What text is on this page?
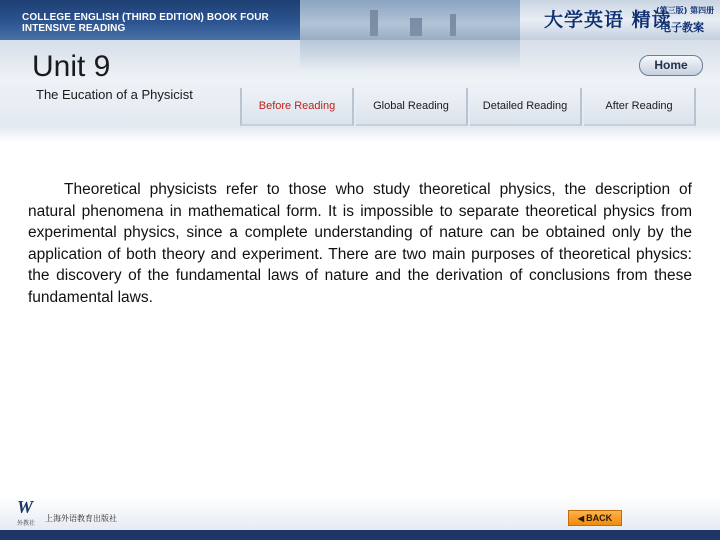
COLLEGE ENGLISH (THIRD EDITION) BOOK FOUR
INTENSIVE READING	大学英语 精读
(第三版) 第四册
电子教案
Unit 9
The Eucation of a Physicist
Home
Before Reading	Global Reading	Detailed Reading	After Reading
Theoretical physicists refer to those who study theoretical physics, the description of natural phenomena in mathematical form. It is impossible to separate theoretical physics from experimental physics, since a complete understanding of nature can be obtained only by the application of both theory and experiment. There are two main purposes of theoretical physics: the discovery of the fundamental laws of nature and the derivation of conclusions from these fundamental laws.
W
外教社
上海外语教育出版社	◀ BACK
